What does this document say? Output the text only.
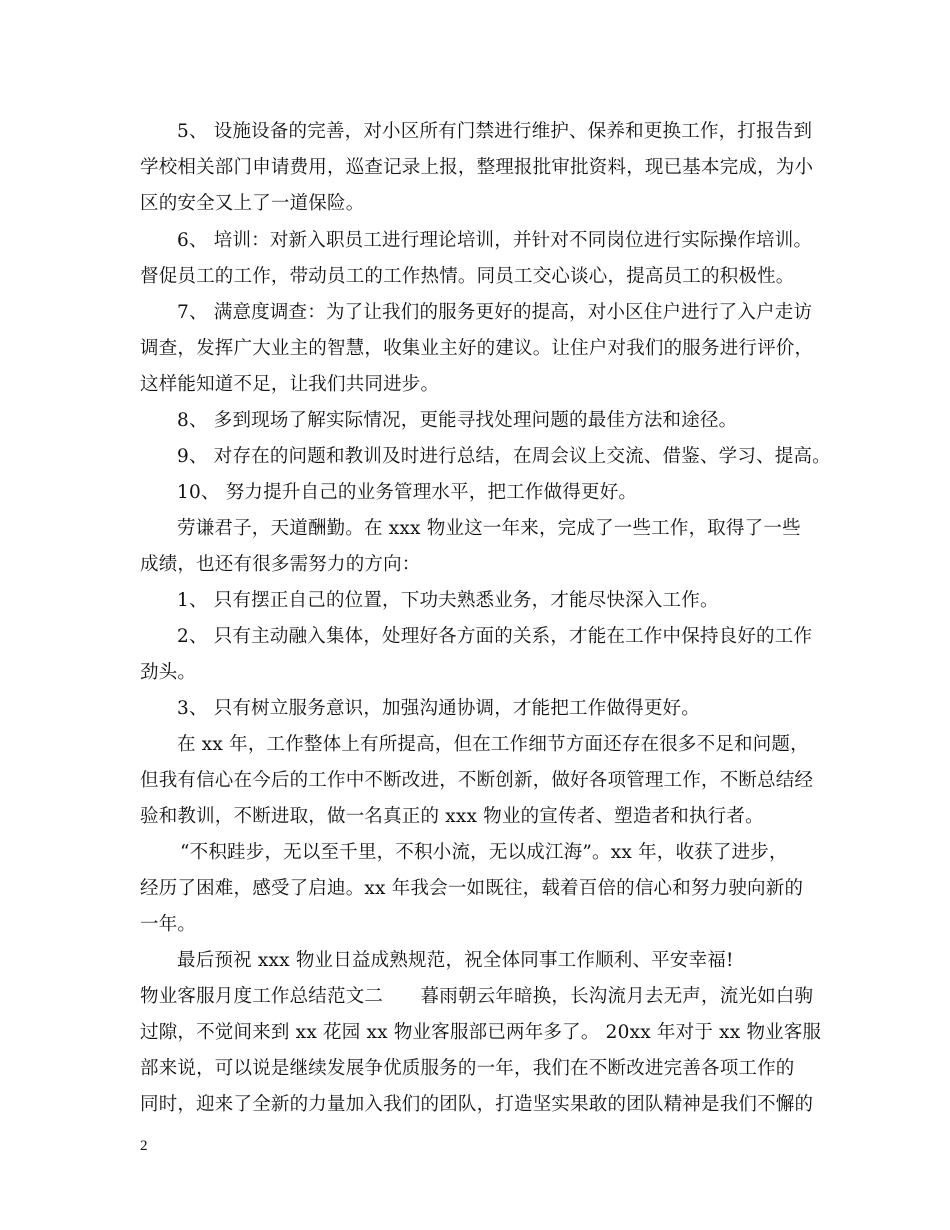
5、 设施设备的完善，对小区所有门禁进行维护、保养和更换工作，打报告到
学校相关部门申请费用，巡查记录上报，整理报批审批资料，现已基本完成，为小
区的安全又上了一道保险。
6、 培训：对新入职员工进行理论培训，并针对不同岗位进行实际操作培训。
督促员工的工作，带动员工的工作热情。同员工交心谈心，提高员工的积极性。
7、 满意度调查：为了让我们的服务更好的提高，对小区住户进行了入户走访
调查，发挥广大业主的智慧，收集业主好的建议。让住户对我们的服务进行评价，
这样能知道不足，让我们共同进步。
8、 多到现场了解实际情况，更能寻找处理问题的最佳方法和途径。
9、 对存在的问题和教训及时进行总结，在周会议上交流、借鉴、学习、提高。
10、 努力提升自己的业务管理水平，把工作做得更好。
劳谦君子，天道酬勤。在 xxx 物业这一年来，完成了一些工作，取得了一些
成绩，也还有很多需努力的方向：
1、 只有摆正自己的位置，下功夫熟悉业务，才能尽快深入工作。
2、 只有主动融入集体，处理好各方面的关系，才能在工作中保持良好的工作
劲头。
3、 只有树立服务意识，加强沟通协调，才能把工作做得更好。
在 xx 年，工作整体上有所提高，但在工作细节方面还存在很多不足和问题，
但我有信心在今后的工作中不断改进，不断创新，做好各项管理工作，不断总结经
验和教训，不断进取，做一名真正的 xxx 物业的宣传者、塑造者和执行者。
“不积跬步，无以至千里，不积小流，无以成江海”。xx 年，收获了进步，
经历了困难，感受了启迪。xx 年我会一如既往，载着百倍的信心和努力驶向新的
一年。
最后预祝 xxx 物业日益成熟规范，祝全体同事工作顺利、平安幸福!
物业客服月度工作总结范文二　　暮雨朝云年暗换，长沟流月去无声，流光如白驹
过隙，不觉间来到 xx 花园 xx 物业客服部已两年多了。 20xx 年对于 xx 物业客服
部来说，可以说是继续发展争优质服务的一年，我们在不断改进完善各项工作的
同时，迎来了全新的力量加入我们的团队，打造坚实果敢的团队精神是我们不懈的
2
